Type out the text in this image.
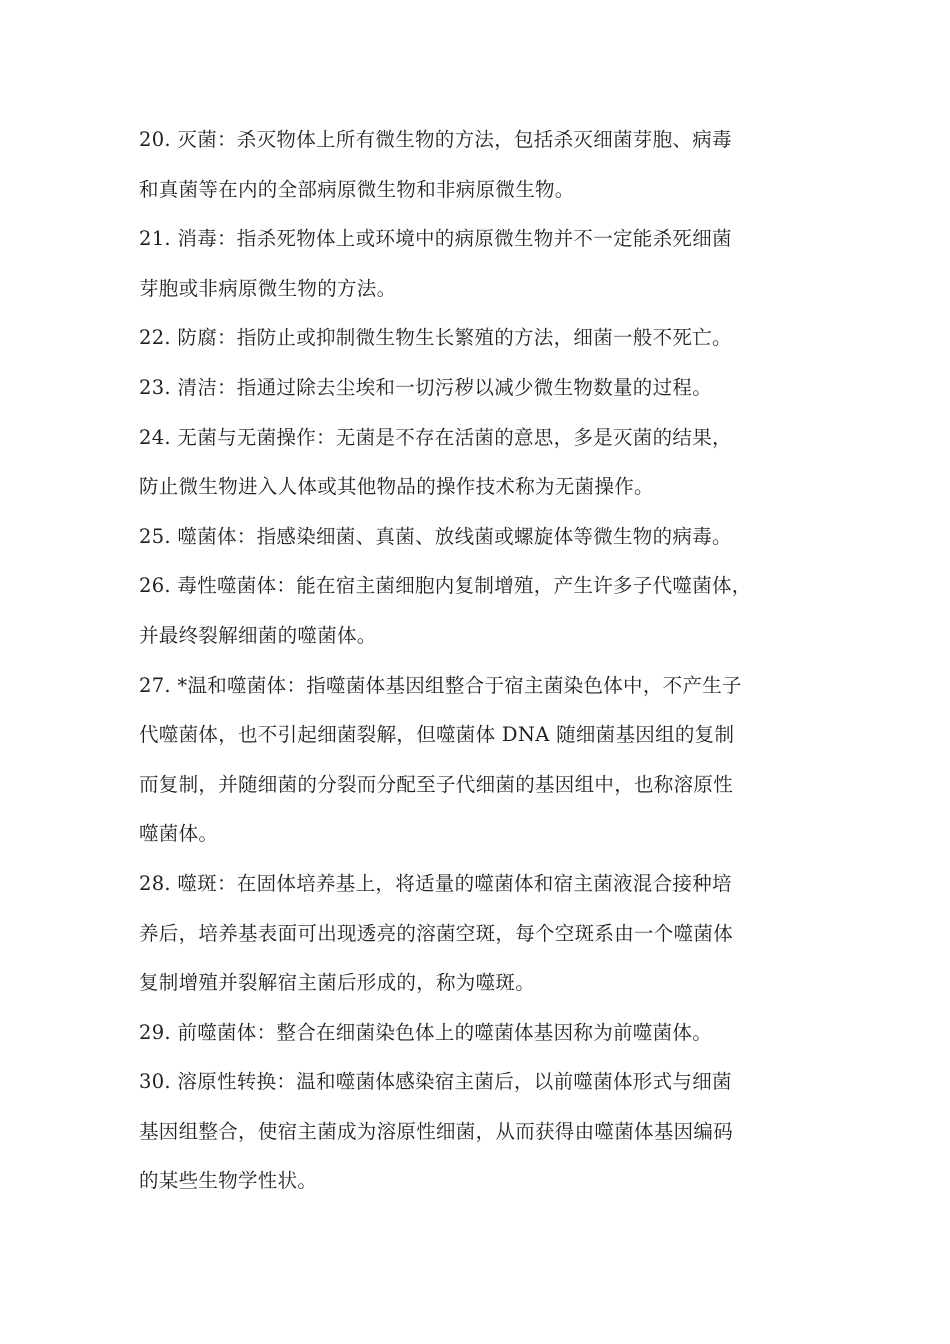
20. 灭菌：杀灭物体上所有微生物的方法，包括杀灭细菌芽胞、病毒
和真菌等在内的全部病原微生物和非病原微生物。
21. 消毒：指杀死物体上或环境中的病原微生物并不一定能杀死细菌
芽胞或非病原微生物的方法。
22. 防腐：指防止或抑制微生物生长繁殖的方法，细菌一般不死亡。
23. 清洁：指通过除去尘埃和一切污秽以减少微生物数量的过程。
24. 无菌与无菌操作：无菌是不存在活菌的意思，多是灭菌的结果，
防止微生物进入人体或其他物品的操作技术称为无菌操作。
25. 噬菌体：指感染细菌、真菌、放线菌或螺旋体等微生物的病毒。
26. 毒性噬菌体：能在宿主菌细胞内复制增殖，产生许多子代噬菌体，
并最终裂解细菌的噬菌体。
27. *温和噬菌体：指噬菌体基因组整合于宿主菌染色体中，不产生子
代噬菌体，也不引起细菌裂解，但噬菌体 DNA 随细菌基因组的复制
而复制，并随细菌的分裂而分配至子代细菌的基因组中，也称溶原性
噬菌体。
28. 噬斑：在固体培养基上，将适量的噬菌体和宿主菌液混合接种培
养后，培养基表面可出现透亮的溶菌空斑，每个空斑系由一个噬菌体
复制增殖并裂解宿主菌后形成的，称为噬斑。
29. 前噬菌体：整合在细菌染色体上的噬菌体基因称为前噬菌体。
30. 溶原性转换：温和噬菌体感染宿主菌后，以前噬菌体形式与细菌
基因组整合，使宿主菌成为溶原性细菌，从而获得由噬菌体基因编码
的某些生物学性状。
